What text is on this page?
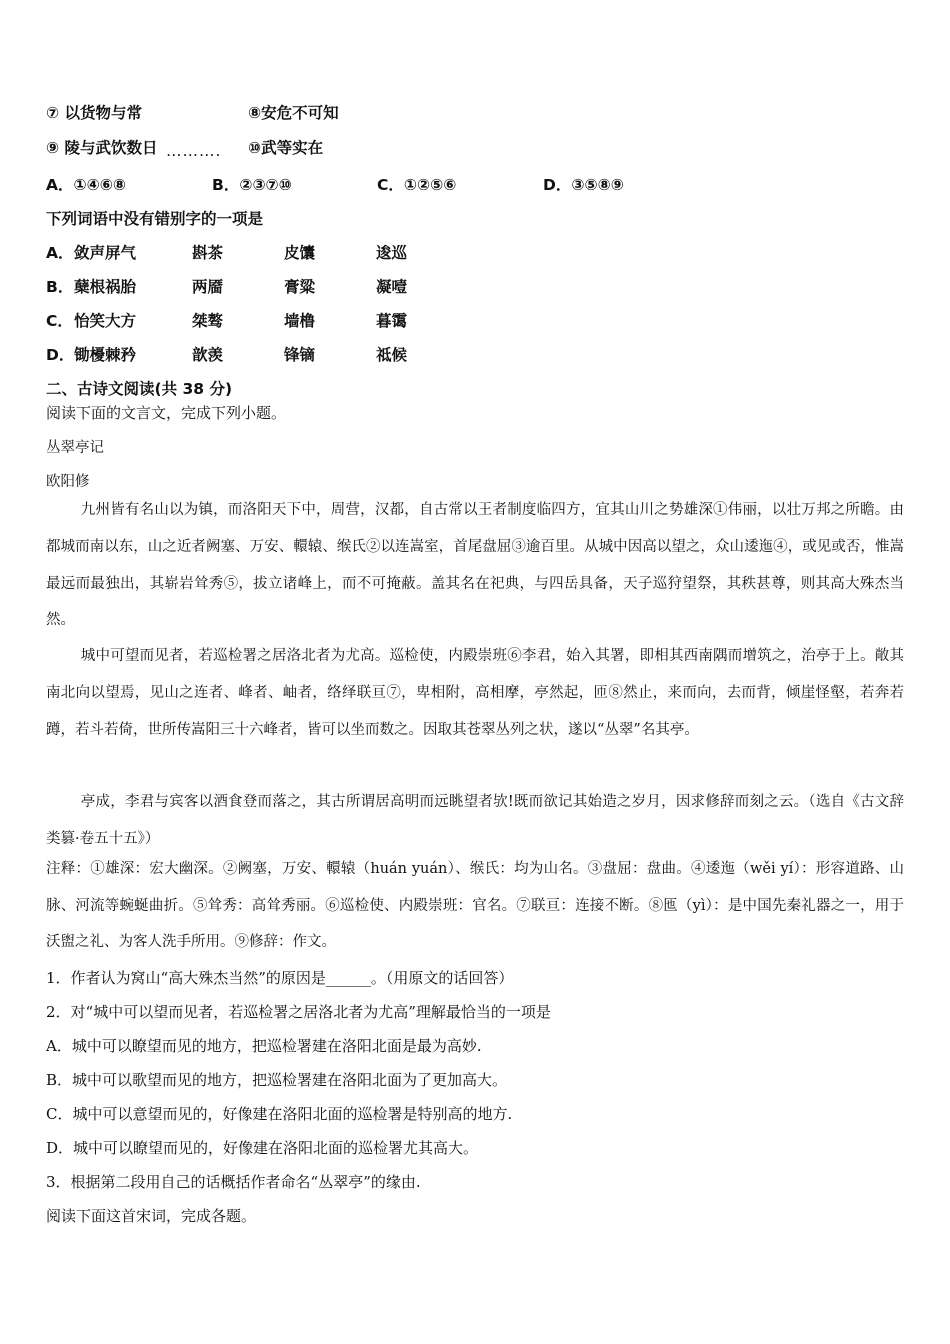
⑦ 以货物与常	⑧安危不可知
⑨ 陵与武饮数日 ………. ⑩武等实在
A．①④⑥⑧	B．②③⑦⑩	C．①②⑤⑥	D．③⑤⑧⑨
下列词语中没有错别字的一项是
A． 敛声屏气	斟茶	皮馕	逡巡
B． 蘖根祸胎	两靥	膏粱	凝噎
C． 怡笑大方	桀骜	墙橹	暮霭
D． 锄櫌棘矜	歆羡	锋镝	祗候
二、古诗文阅读(共 38 分)
阅读下面的文言文，完成下列小题。
丛翠亭记
欧阳修
九州皆有名山以为镇，而洛阳天下中，周营，汉都，自古常以王者制度临四方，宜其山川之势雄深①伟丽，以壮万邦之所瞻。由都城而南以东，山之近者阙塞、万安、轘辕、缑氏②以连嵩室，首尾盘屈③逾百里。从城中因高以望之，众山逶迤④，或见或否，惟嵩最远而最独出，其崭岩耸秀⑤，拔立诸峰上，而不可掩蔽。盖其名在祀典，与四岳具备，天子巡狩望祭，其秩甚尊，则其高大殊杰当然。
城中可望而见者，若巡检署之居洛北者为尤高。巡检使，内殿崇班⑥李君，始入其署，即相其西南隅而增筑之，治亭于上。敞其南北向以望焉，见山之连者、峰者、岫者，络绎联亘⑦，卑相附，高相摩，亭然起，匝⑧然止，来而向，去而背，倾崖怪壑，若奔若蹲，若斗若倚，世所传嵩阳三十六峰者，皆可以坐而数之。因取其苍翠丛列之状，遂以“丛翠”名其亭。
亭成，李君与宾客以酒食登而落之，其古所谓居高明而远眺望者欤!既而欲记其始造之岁月，因求修辞而刻之云。（选自《古文辞类篡·卷五十五》）
注释：①雄深：宏大幽深。②阙塞，万安、轘辕（huán yuán）、缑氏：均为山名。③盘屈：盘曲。④逶迤（wěi yí）：形容道路、山脉、河流等蜿蜒曲折。⑤耸秀：高耸秀丽。⑥巡检使、内殿崇班：官名。⑦联亘：连接不断。⑧匜（yì）：是中国先秦礼器之一，用于沃盥之礼、为客人洗手所用。⑨修辞：作文。
1．作者认为窝山“高大殊杰当然”的原因是______。（用原文的话回答）
2．对“城中可以望而见者，若巡检署之居洛北者为尤高”理解最恰当的一项是
A．城中可以瞭望而见的地方，把巡检署建在洛阳北面是最为高妙.
B．城中可以歌望而见的地方，把巡检署建在洛阳北面为了更加高大。
C．城中可以意望而见的，好像建在洛阳北面的巡检署是特别高的地方.
D．城中可以瞭望而见的，好像建在洛阳北面的巡检署尤其高大。
3．根据第二段用自己的话概括作者命名“丛翠亭”的缘由.
阅读下面这首宋词，完成各题。
